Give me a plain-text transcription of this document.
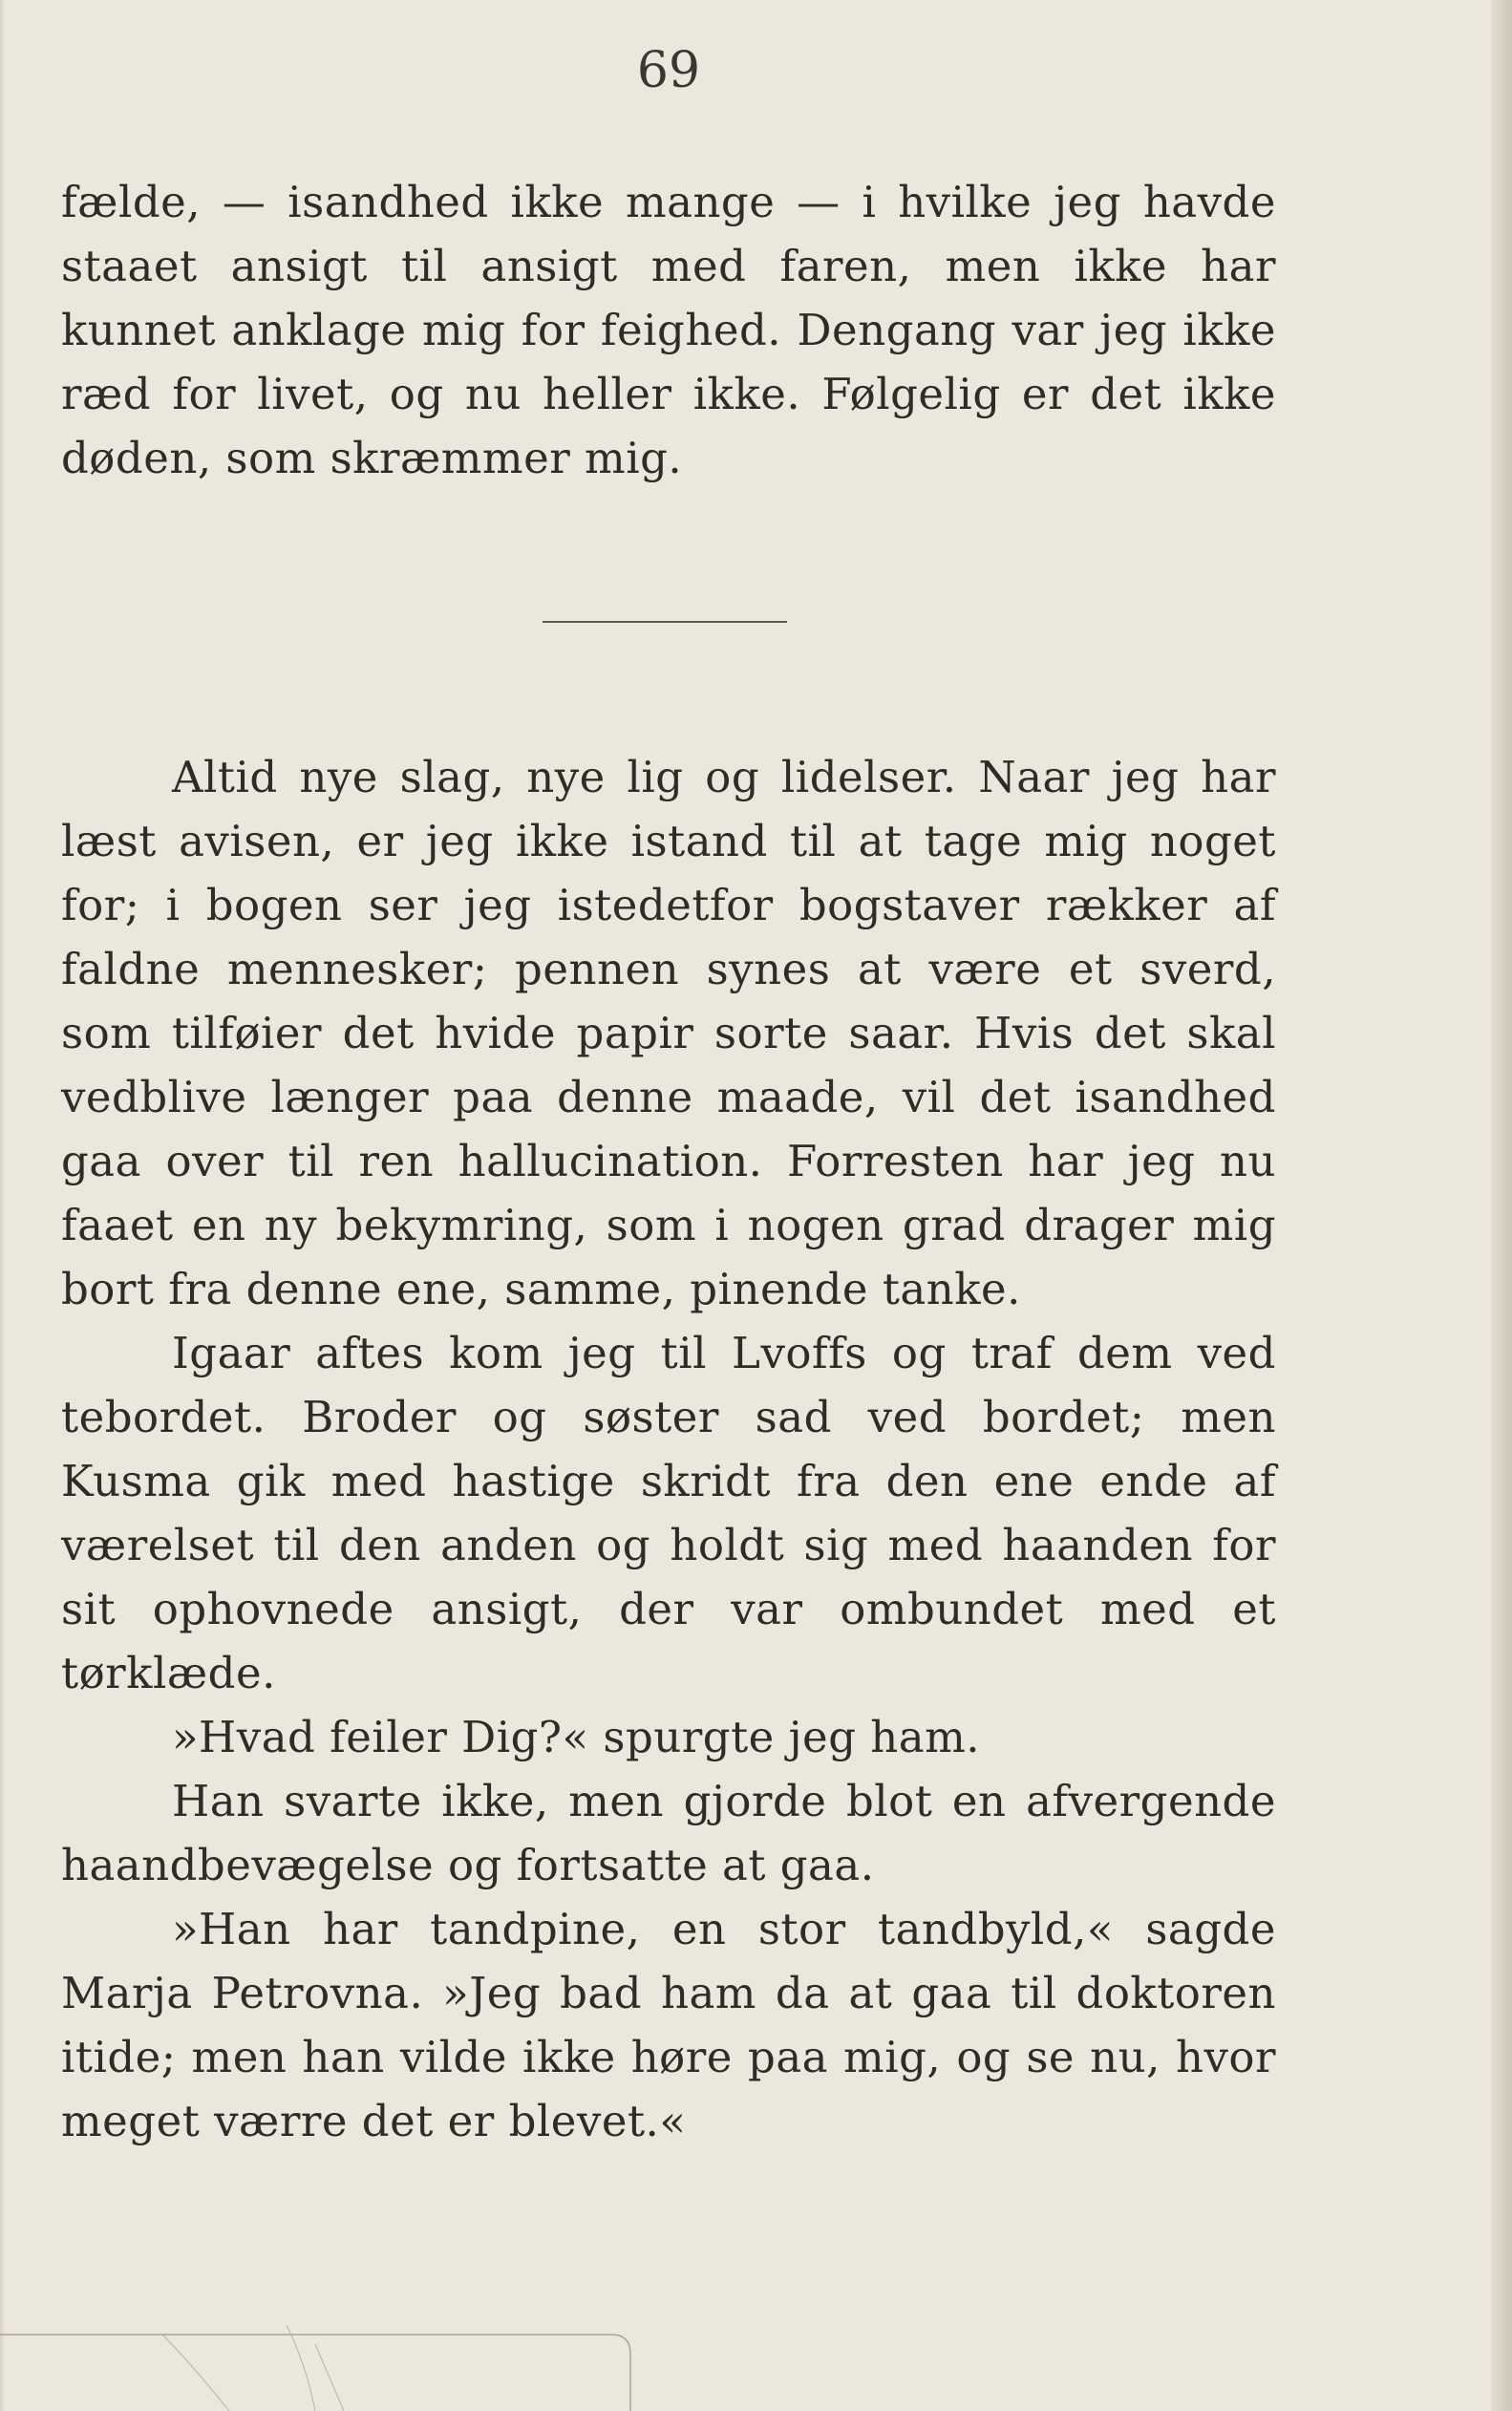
69

fælde, — isandhed ikke mange — i hvilke jeg havde staaet ansigt til ansigt med faren, men ikke har kunnet anklage mig for feighed. Dengang var jeg ikke ræd for livet, og nu heller ikke. Følgelig er det ikke døden, som skræmmer mig.

Altid nye slag, nye lig og lidelser. Naar jeg har læst avisen, er jeg ikke istand til at tage mig noget for; i bogen ser jeg istedetfor bogstaver rækker af faldne mennesker; pennen synes at være et sverd, som tilføier det hvide papir sorte saar. Hvis det skal vedblive længer paa denne maade, vil det isandhed gaa over til ren hallucination. Forresten har jeg nu faaet en ny bekymring, som i nogen grad drager mig bort fra denne ene, samme, pinende tanke.

Igaar aftes kom jeg til Lvoffs og traf dem ved tebordet. Broder og søster sad ved bordet; men Kusma gik med hastige skridt fra den ene ende af værelset til den anden og holdt sig med haanden for sit ophovnede ansigt, der var ombundet med et tørklæde.

»Hvad feiler Dig?« spurgte jeg ham.

Han svarte ikke, men gjorde blot en afvergende haandbevægelse og fortsatte at gaa.

»Han har tandpine, en stor tandbyld,« sagde Marja Petrovna. »Jeg bad ham da at gaa til doktoren itide; men han vilde ikke høre paa mig, og se nu, hvor meget værre det er blevet.«
